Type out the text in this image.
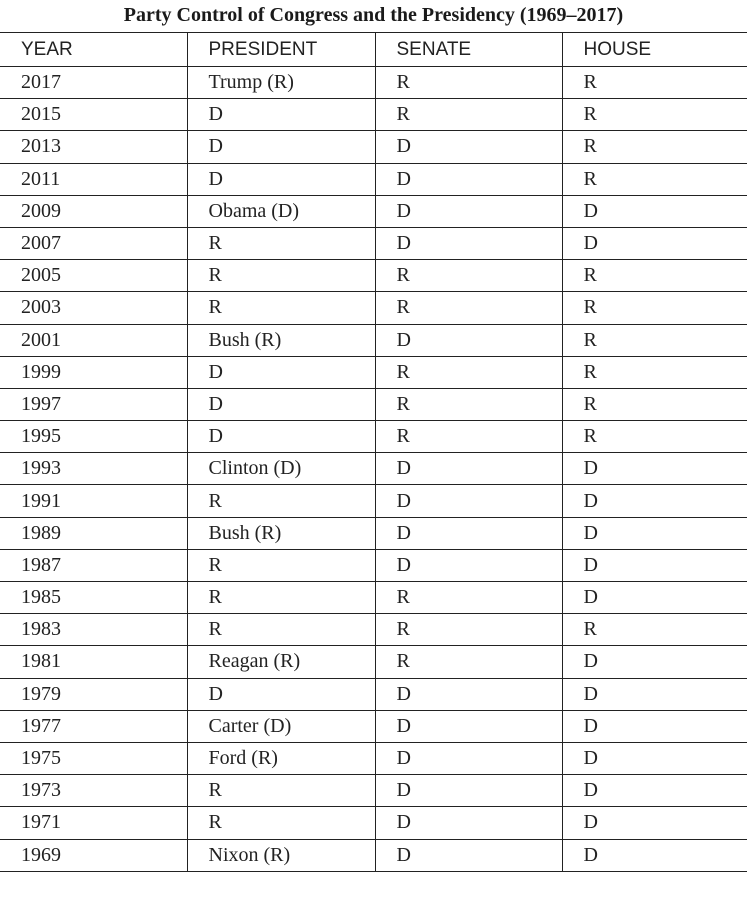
Party Control of Congress and the Presidency (1969–2017)
YEAR	PRESIDENT	SENATE	HOUSE
2017	Trump (R)	R	R
2015	D	R	R
2013	D	D	R
2011	D	D	R
2009	Obama (D)	D	D
2007	R	D	D
2005	R	R	R
2003	R	R	R
2001	Bush (R)	D	R
1999	D	R	R
1997	D	R	R
1995	D	R	R
1993	Clinton (D)	D	D
1991	R	D	D
1989	Bush (R)	D	D
1987	R	D	D
1985	R	R	D
1983	R	R	R
1981	Reagan (R)	R	D
1979	D	D	D
1977	Carter (D)	D	D
1975	Ford (R)	D	D
1973	R	D	D
1971	R	D	D
1969	Nixon (R)	D	D
